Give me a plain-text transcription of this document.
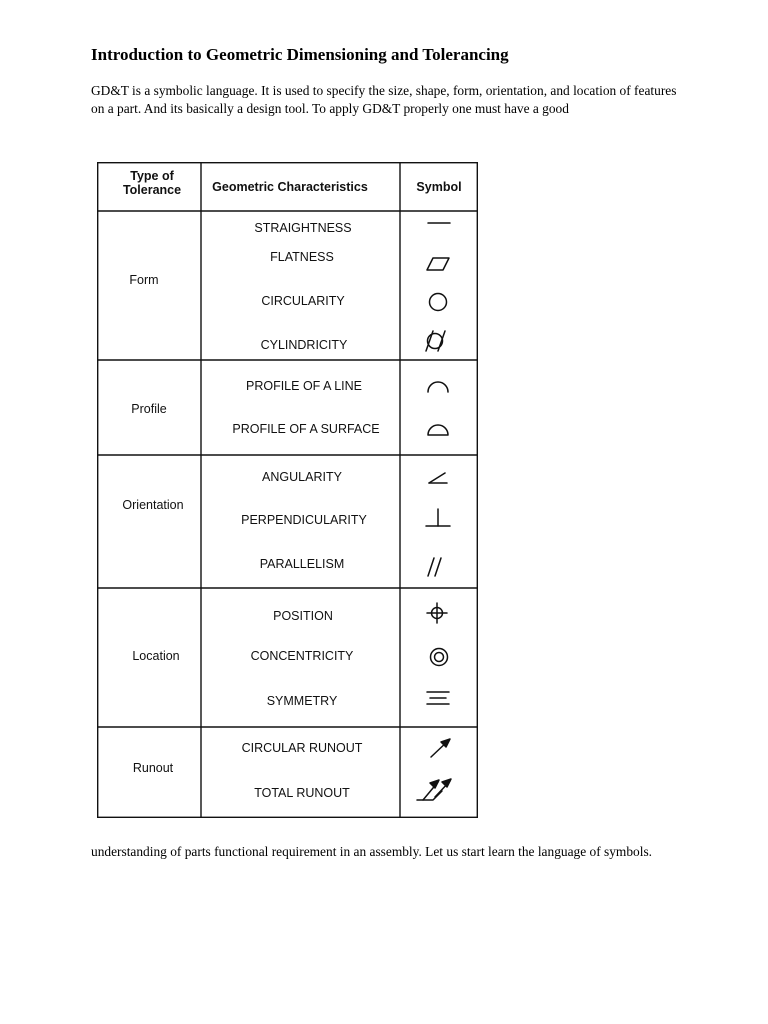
Introduction to Geometric Dimensioning and Tolerancing

GD&T is a symbolic language. It is used to specify the size, shape, form, orientation, and location of features on a part. And its basically a design tool. To apply GD&T properly one must have a good

Type of
Tolerance Geometric Characteristics	Symbol
Form
Profile
Orientation
Location
Runout
STRAIGHTNESS
FLATNESS
CIRCULARITY
CYLINDRICITY
PROFILE OF A LINE
PROFILE OF A SURFACE
ANGULARITY
PERPENDICULARITY
PARALLELISM
POSITION
CONCENTRICITY
SYMMETRY
CIRCULAR RUNOUT
TOTAL RUNOUT

understanding of parts functional requirement in an assembly. Let us start learn the language of symbols.
